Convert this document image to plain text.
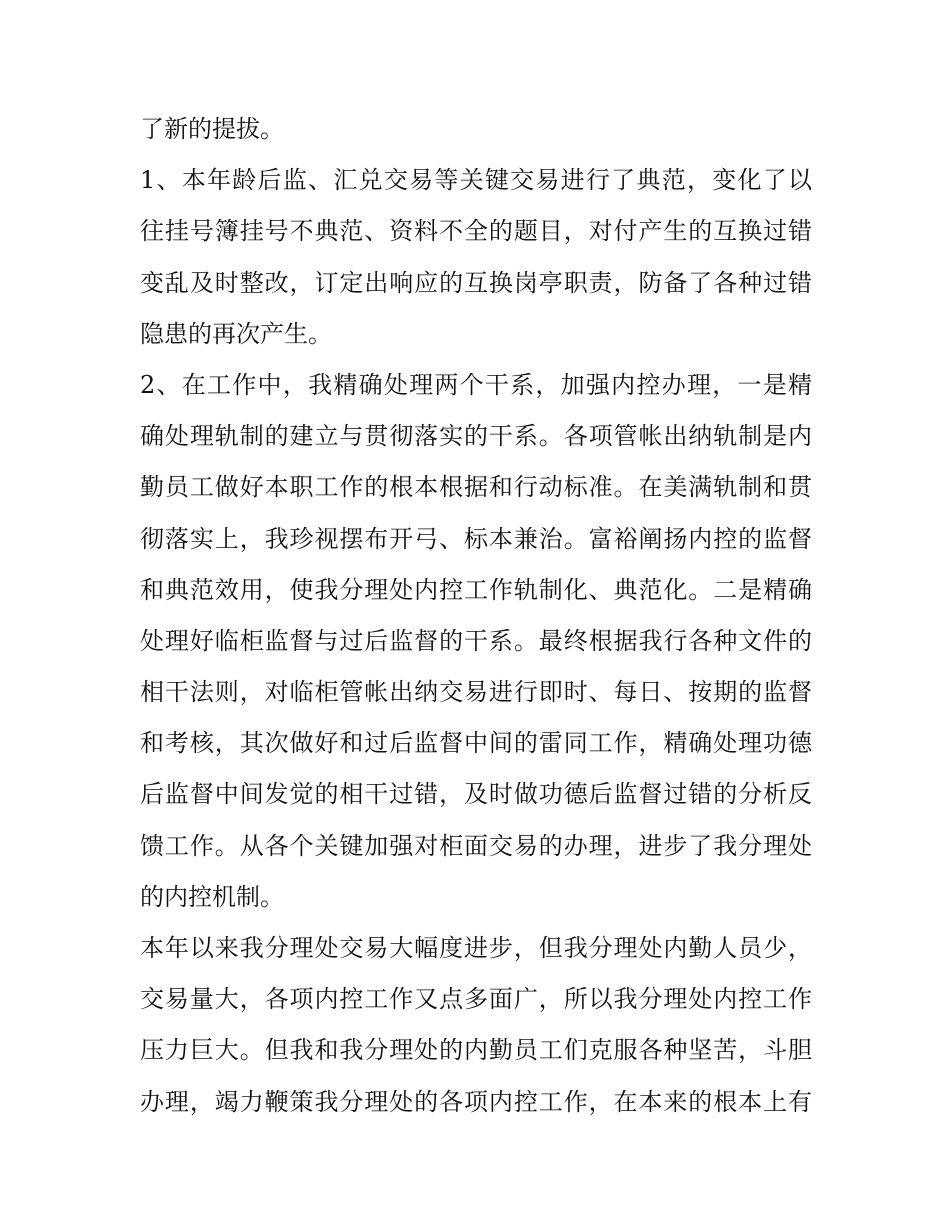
了新的提拔。
1、本年龄后监、汇兑交易等关键交易进行了典范，变化了以
往挂号簿挂号不典范、资料不全的题目，对付产生的互换过错
变乱及时整改，订定出响应的互换岗亭职责，防备了各种过错
隐患的再次产生。
2、在工作中，我精确处理两个干系，加强内控办理，一是精
确处理轨制的建立与贯彻落实的干系。各项管帐出纳轨制是内
勤员工做好本职工作的根本根据和行动标准。在美满轨制和贯
彻落实上，我珍视摆布开弓、标本兼治。富裕阐扬内控的监督
和典范效用，使我分理处内控工作轨制化、典范化。二是精确
处理好临柜监督与过后监督的干系。最终根据我行各种文件的
相干法则，对临柜管帐出纳交易进行即时、每日、按期的监督
和考核，其次做好和过后监督中间的雷同工作，精确处理功德
后监督中间发觉的相干过错，及时做功德后监督过错的分析反
馈工作。从各个关键加强对柜面交易的办理，进步了我分理处
的内控机制。
本年以来我分理处交易大幅度进步，但我分理处内勤人员少，
交易量大，各项内控工作又点多面广，所以我分理处内控工作
压力巨大。但我和我分理处的内勤员工们克服各种坚苦，斗胆
办理，竭力鞭策我分理处的各项内控工作，在本来的根本上有
